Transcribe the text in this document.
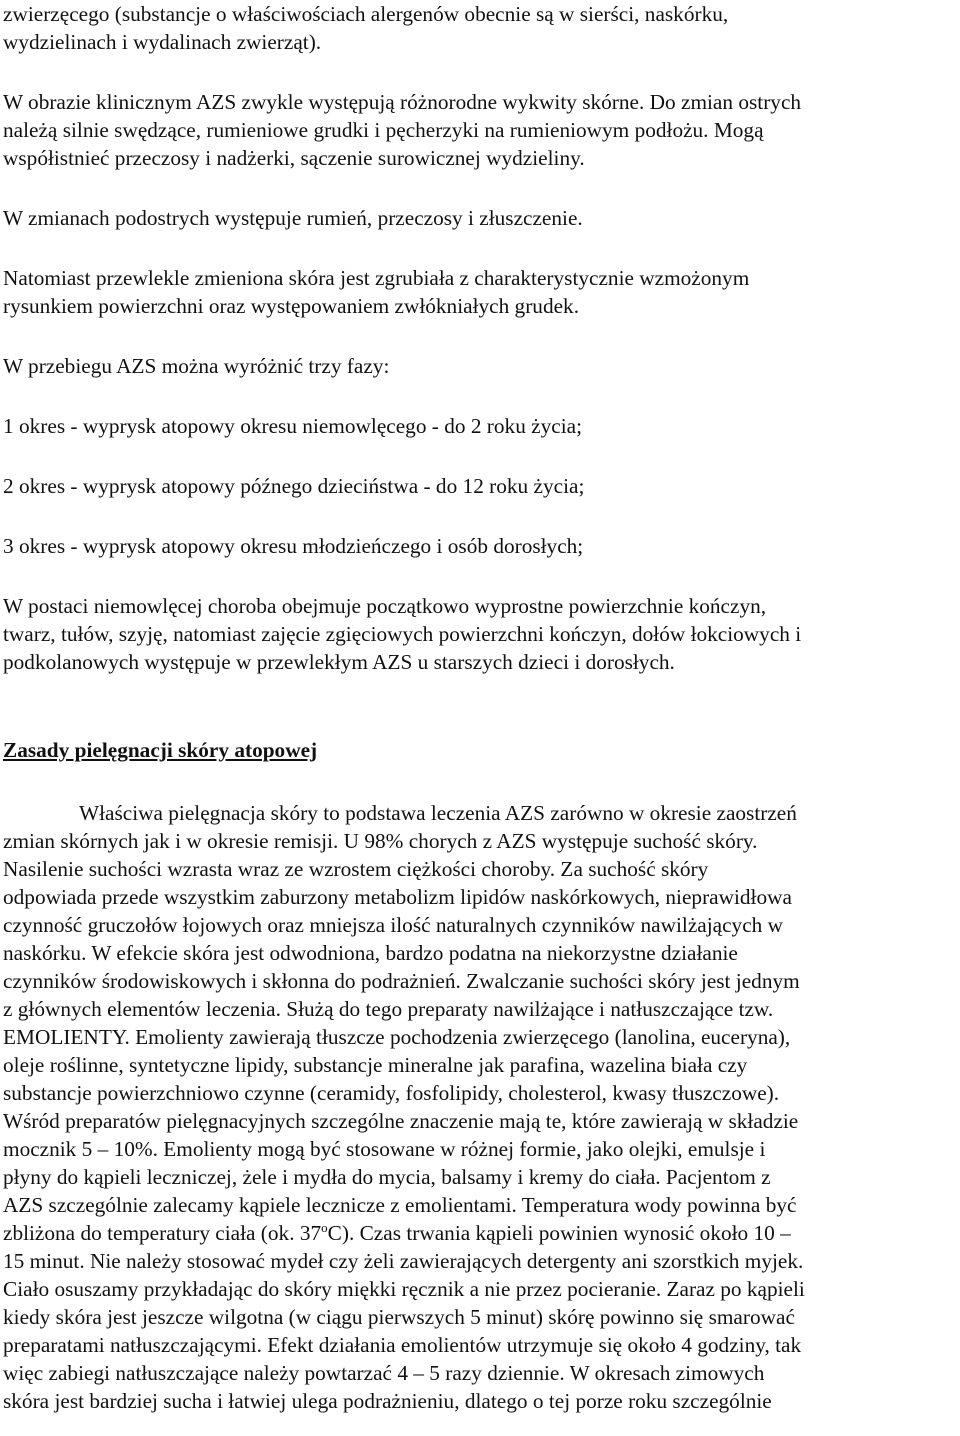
zwierzęcego (substancje o właściwościach alergenów obecnie są w sierści, naskórku,
wydzielinach i wydalinach zwierząt).
W obrazie klinicznym AZS zwykle występują różnorodne wykwity skórne. Do zmian ostrych
należą silnie swędzące, rumieniowe grudki i pęcherzyki na rumieniowym podłożu. Mogą
współistnieć przeczosy i nadżerki, sączenie surowicznej wydzieliny.
W zmianach podostrych występuje rumień, przeczosy i złuszczenie.
Natomiast przewlekle zmieniona skóra jest zgrubiała z charakterystycznie wzmożonym
rysunkiem powierzchni oraz występowaniem zwłókniałych grudek.
W przebiegu AZS można wyróżnić trzy fazy:
1 okres - wyprysk atopowy okresu niemowlęcego - do 2 roku życia;
2 okres - wyprysk atopowy późnego dzieciństwa - do 12 roku życia;
3 okres - wyprysk atopowy okresu młodzieńczego i osób dorosłych;
W postaci niemowlęcej choroba obejmuje początkowo wyprostne powierzchnie kończyn,
twarz, tułów, szyję, natomiast zajęcie zgięciowych powierzchni kończyn, dołów łokciowych i
podkolanowych występuje w przewlekłym AZS u starszych dzieci i dorosłych.
Zasady pielęgnacji skóry atopowej
Właściwa pielęgnacja skóry to podstawa leczenia AZS zarówno w okresie zaostrzeń
zmian skórnych jak i w okresie remisji. U 98% chorych z AZS występuje suchość skóry.
Nasilenie suchości wzrasta wraz ze wzrostem ciężkości choroby. Za suchość skóry
odpowiada przede wszystkim zaburzony metabolizm lipidów naskórkowych, nieprawidłowa
czynność gruczołów łojowych oraz mniejsza ilość naturalnych czynników nawilżających w
naskórku. W efekcie skóra jest odwodniona, bardzo podatna na niekorzystne działanie
czynników środowiskowych i skłonna do podrażnień. Zwalczanie suchości skóry jest jednym
z głównych elementów leczenia. Służą do tego preparaty nawilżające i natłuszczające tzw.
EMOLIENTY. Emolienty zawierają tłuszcze pochodzenia zwierzęcego (lanolina, euceryna),
oleje roślinne, syntetyczne lipidy, substancje mineralne jak parafina, wazelina biała czy
substancje powierzchniowo czynne (ceramidy, fosfolipidy, cholesterol, kwasy tłuszczowe).
Wśród preparatów pielęgnacyjnych szczególne znaczenie mają te, które zawierają w składzie
mocznik 5 – 10%. Emolienty mogą być stosowane w różnej formie, jako olejki, emulsje i
płyny do kąpieli leczniczej, żele i mydła do mycia, balsamy i kremy do ciała. Pacjentom z
AZS szczególnie zalecamy kąpiele lecznicze z emolientami. Temperatura wody powinna być
zbliżona do temperatury ciała (ok. 37$^o$C). Czas trwania kąpieli powinien wynosić około 10 –
15 minut. Nie należy stosować mydeł czy żeli zawierających detergenty ani szorstkich myjek.
Ciało osuszamy przykładając do skóry miękki ręcznik a nie przez pocieranie. Zaraz po kąpieli
kiedy skóra jest jeszcze wilgotna (w ciągu pierwszych 5 minut) skórę powinno się smarować
preparatami natłuszczającymi. Efekt działania emolientów utrzymuje się około 4 godziny, tak
więc zabiegi natłuszczające należy powtarzać 4 – 5 razy dziennie. W okresach zimowych
skóra jest bardziej sucha i łatwiej ulega podrażnieniu, dlatego o tej porze roku szczególnie
